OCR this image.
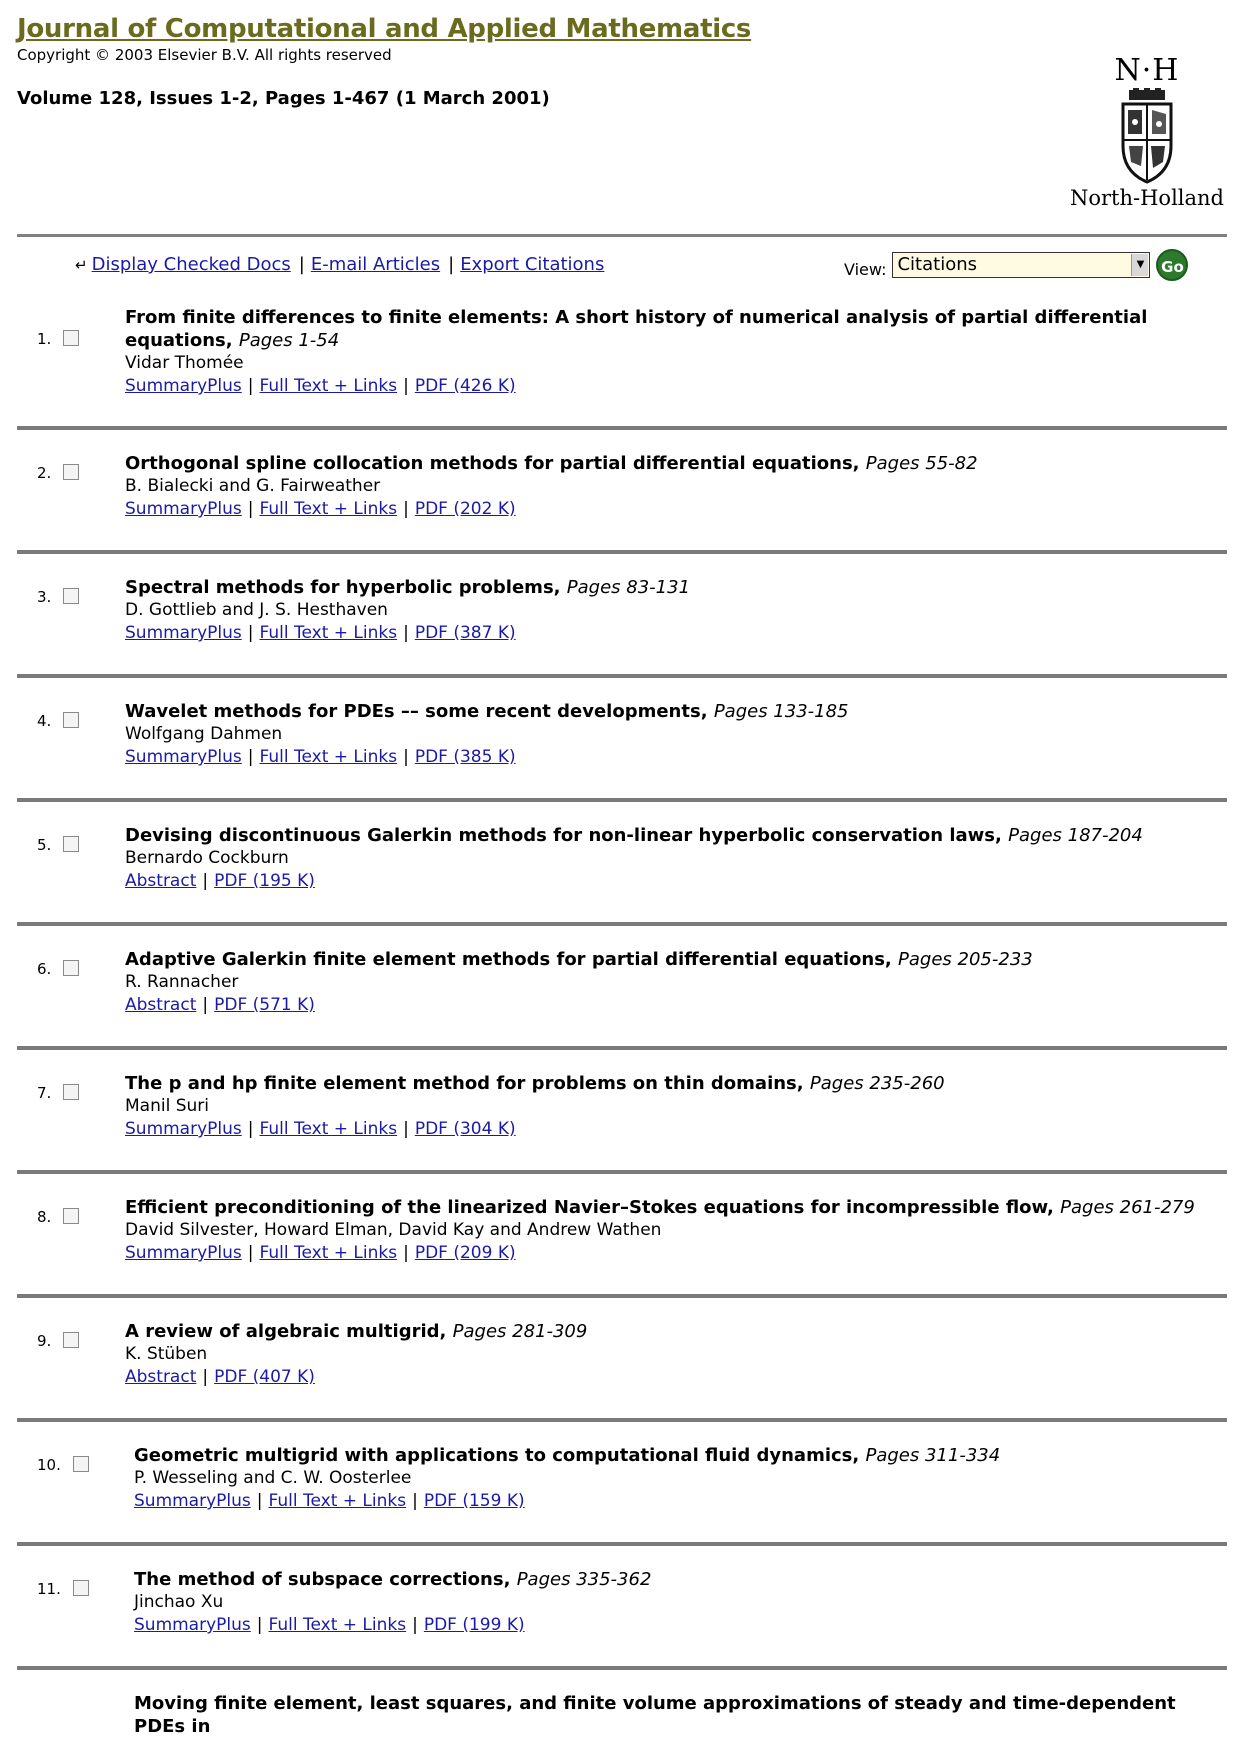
Journal of Computational and Applied Mathematics
Copyright © 2003 Elsevier B.V. All rights reserved
Volume 128, Issues 1-2, Pages 1-467 (1 March 2001)
N·H
North-Holland
↵ Display Checked Docs | E-mail Articles | Export Citations	View: Citations	▼	Go
1.
From finite differences to finite elements: A short history of numerical analysis of partial differential equations, Pages 1-54
Vidar Thomée
SummaryPlus | Full Text + Links | PDF (426 K)
2.	Orthogonal spline collocation methods for partial differential equations, Pages 55-82
B. Bialecki and G. Fairweather
SummaryPlus | Full Text + Links | PDF (202 K)
3.	Spectral methods for hyperbolic problems, Pages 83-131
D. Gottlieb and J. S. Hesthaven
SummaryPlus | Full Text + Links | PDF (387 K)
4.	Wavelet methods for PDEs –– some recent developments, Pages 133-185
Wolfgang Dahmen
SummaryPlus | Full Text + Links | PDF (385 K)
5.	Devising discontinuous Galerkin methods for non-linear hyperbolic conservation laws, Pages 187-204
Bernardo Cockburn
Abstract | PDF (195 K)
6.	Adaptive Galerkin finite element methods for partial differential equations, Pages 205-233
R. Rannacher
Abstract | PDF (571 K)
7.	The p and hp finite element method for problems on thin domains, Pages 235-260
Manil Suri
SummaryPlus | Full Text + Links | PDF (304 K)
8.	Efficient preconditioning of the linearized Navier–Stokes equations for incompressible flow, Pages 261-279
David Silvester, Howard Elman, David Kay and Andrew Wathen
SummaryPlus | Full Text + Links | PDF (209 K)
9.	A review of algebraic multigrid, Pages 281-309
K. Stüben
Abstract | PDF (407 K)
10.	Geometric multigrid with applications to computational fluid dynamics, Pages 311-334
P. Wesseling and C. W. Oosterlee
SummaryPlus | Full Text + Links | PDF (159 K)
11.	The method of subspace corrections, Pages 335-362
Jinchao Xu
SummaryPlus | Full Text + Links | PDF (199 K)
Moving finite element, least squares, and finite volume approximations of steady and time-dependent PDEs in
